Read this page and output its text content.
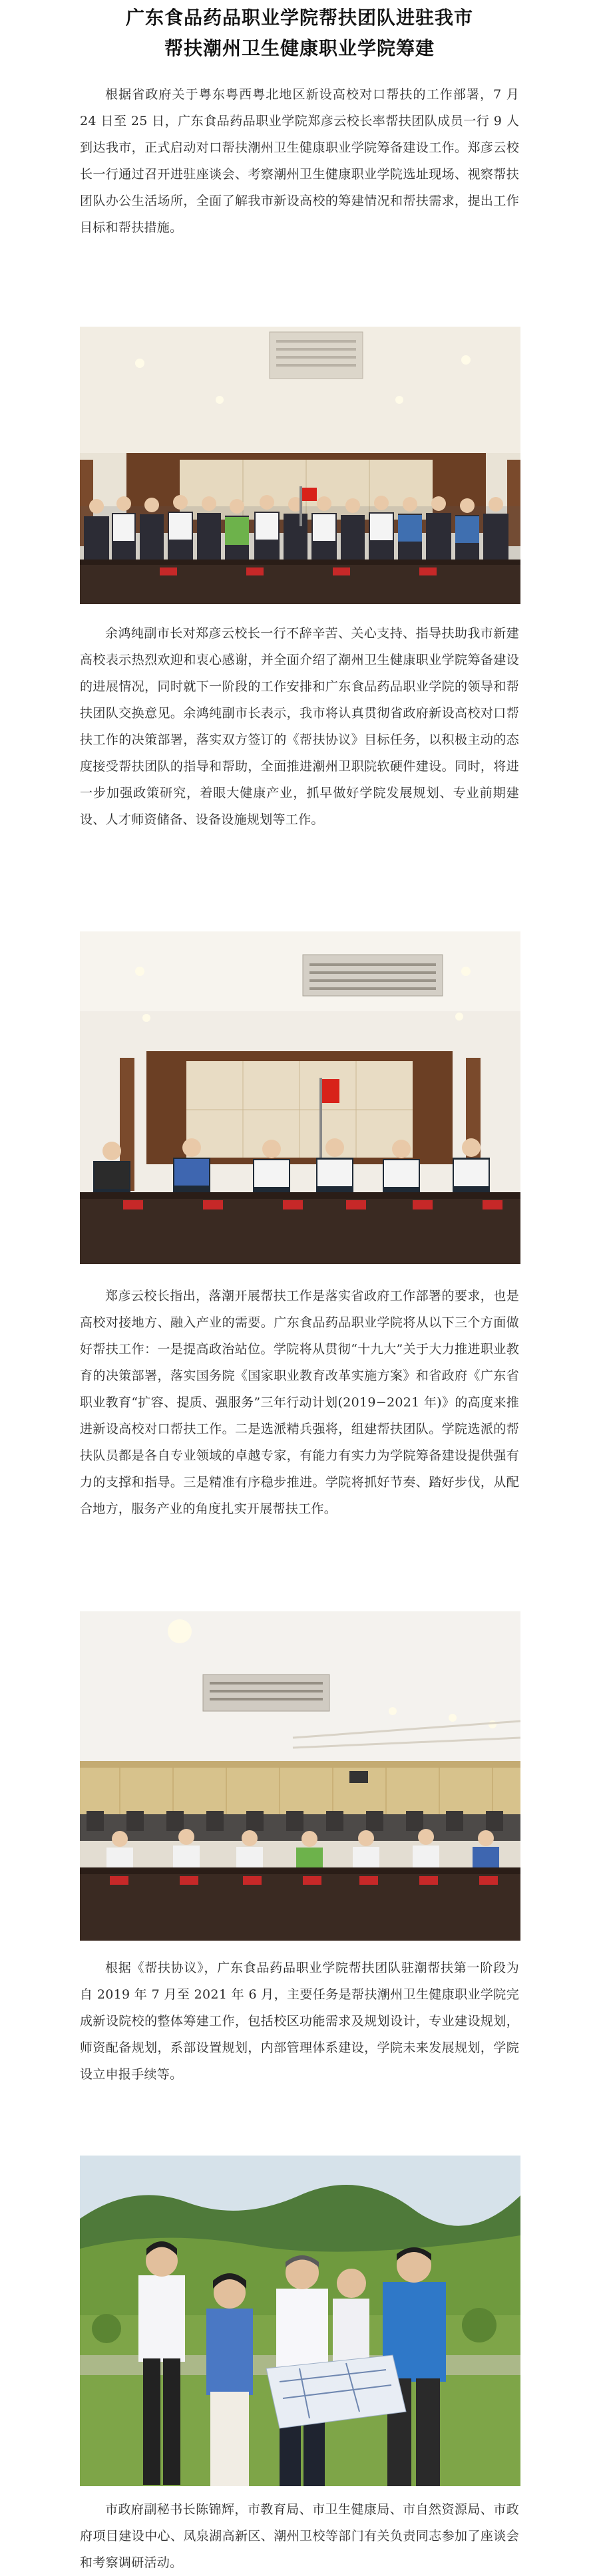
广东食品药品职业学院帮扶团队进驻我市
帮扶潮州卫生健康职业学院筹建

根据省政府关于粤东粤西粤北地区新设高校对口帮扶的工作部署，7 月 24 日至 25 日，广东食品药品职业学院郑彦云校长率帮扶团队成员一行 9 人到达我市，正式启动对口帮扶潮州卫生健康职业学院筹备建设工作。郑彦云校长一行通过召开进驻座谈会、考察潮州卫生健康职业学院选址现场、视察帮扶团队办公生活场所，全面了解我市新设高校的筹建情况和帮扶需求，提出工作目标和帮扶措施。

余鸿纯副市长对郑彦云校长一行不辞辛苦、关心支持、指导扶助我市新建高校表示热烈欢迎和衷心感谢，并全面介绍了潮州卫生健康职业学院筹备建设的进展情况，同时就下一阶段的工作安排和广东食品药品职业学院的领导和帮扶团队交换意见。余鸿纯副市长表示，我市将认真贯彻省政府新设高校对口帮扶工作的决策部署，落实双方签订的《帮扶协议》目标任务，以积极主动的态度接受帮扶团队的指导和帮助，全面推进潮州卫职院软硬件建设。同时，将进一步加强政策研究，着眼大健康产业，抓早做好学院发展规划、专业前期建设、人才师资储备、设备设施规划等工作。

郑彦云校长指出，落潮开展帮扶工作是落实省政府工作部署的要求，也是高校对接地方、融入产业的需要。广东食品药品职业学院将从以下三个方面做好帮扶工作：一是提高政治站位。学院将从贯彻“十九大”关于大力推进职业教育的决策部署，落实国务院《国家职业教育改革实施方案》和省政府《广东省职业教育“扩容、提质、强服务”三年行动计划(2019−2021 年)》的高度来推进新设高校对口帮扶工作。二是选派精兵强将，组建帮扶团队。学院选派的帮扶队员都是各自专业领域的卓越专家，有能力有实力为学院筹备建设提供强有力的支撑和指导。三是精准有序稳步推进。学院将抓好节奏、踏好步伐，从配合地方，服务产业的角度扎实开展帮扶工作。

根据《帮扶协议》，广东食品药品职业学院帮扶团队驻潮帮扶第一阶段为自 2019 年 7 月至 2021 年 6 月，主要任务是帮扶潮州卫生健康职业学院完成新设院校的整体筹建工作，包括校区功能需求及规划设计，专业建设规划，师资配备规划，系部设置规划，内部管理体系建设，学院未来发展规划，学院设立申报手续等。

市政府副秘书长陈锦辉，市教育局、市卫生健康局、市自然资源局、市政府项目建设中心、凤泉湖高新区、潮州卫校等部门有关负责同志参加了座谈会和考察调研活动。
